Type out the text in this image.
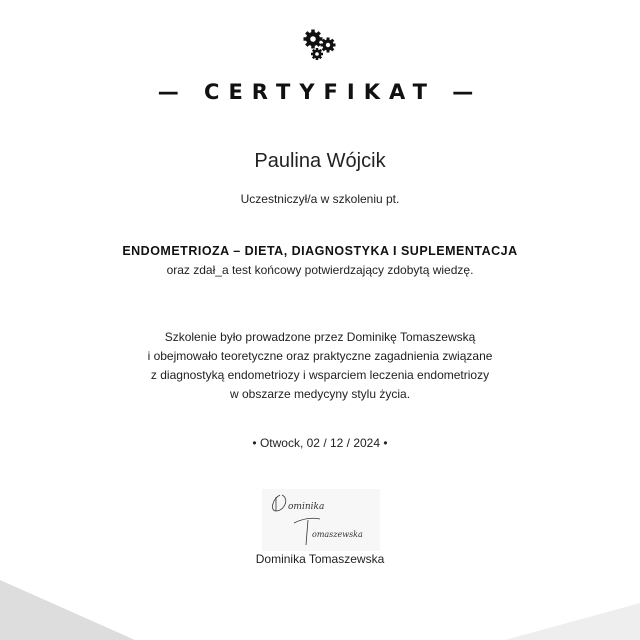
— CERTYFIKAT —
Paulina Wójcik
Uczestniczył/a w szkoleniu pt.
ENDOMETRIOZA – DIETA, DIAGNOSTYKA I SUPLEMENTACJA
oraz zdał_a test końcowy potwierdzający zdobytą wiedzę.
Szkolenie było prowadzone przez Dominikę Tomaszewską
i obejmowało teoretyczne oraz praktyczne zagadnienia związane
z diagnostyką endometriozy i wsparciem leczenia endometriozy
w obszarze medycyny stylu życia.
• Otwock, 02 / 12 / 2024 •
ominika
omaszewska
Dominika Tomaszewska
